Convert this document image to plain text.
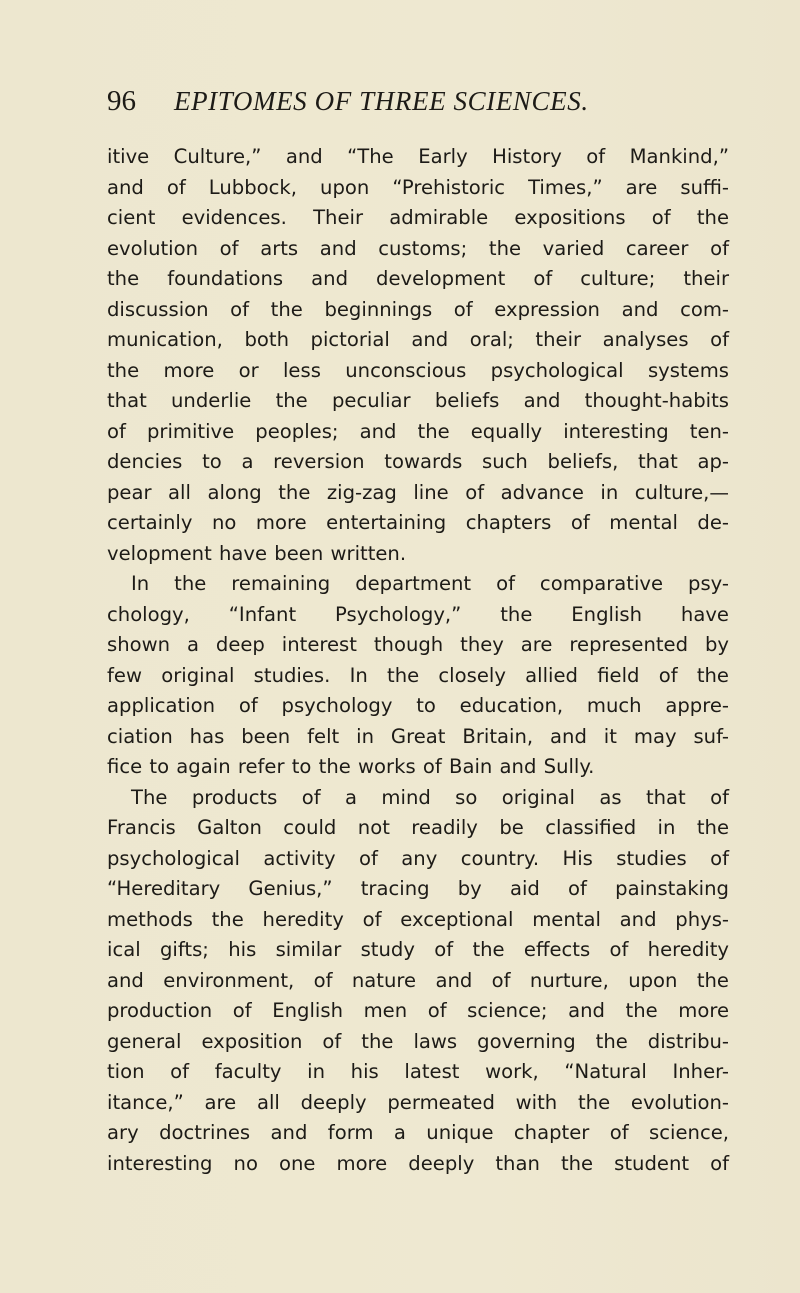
96 EPITOMES OF THREE SCIENCES.
itive Culture,” and “The Early History of Mankind,”
and of Lubbock, upon “Prehistoric Times,” are suffi-
cient evidences. Their admirable expositions of the
evolution of arts and customs; the varied career of
the foundations and development of culture; their
discussion of the beginnings of expression and com-
munication, both pictorial and oral; their analyses of
the more or less unconscious psychological systems
that underlie the peculiar beliefs and thought-habits
of primitive peoples; and the equally interesting ten-
dencies to a reversion towards such beliefs, that ap-
pear all along the zig-zag line of advance in culture,—
certainly no more entertaining chapters of mental de-
velopment have been written.
In the remaining department of comparative psy-
chology, “Infant Psychology,” the English have
shown a deep interest though they are represented by
few original studies. In the closely allied field of the
application of psychology to education, much appre-
ciation has been felt in Great Britain, and it may suf-
fice to again refer to the works of Bain and Sully.
The products of a mind so original as that of
Francis Galton could not readily be classified in the
psychological activity of any country. His studies of
“Hereditary Genius,” tracing by aid of painstaking
methods the heredity of exceptional mental and phys-
ical gifts; his similar study of the effects of heredity
and environment, of nature and of nurture, upon the
production of English men of science; and the more
general exposition of the laws governing the distribu-
tion of faculty in his latest work, “Natural Inher-
itance,” are all deeply permeated with the evolution-
ary doctrines and form a unique chapter of science,
interesting no one more deeply than the student of
